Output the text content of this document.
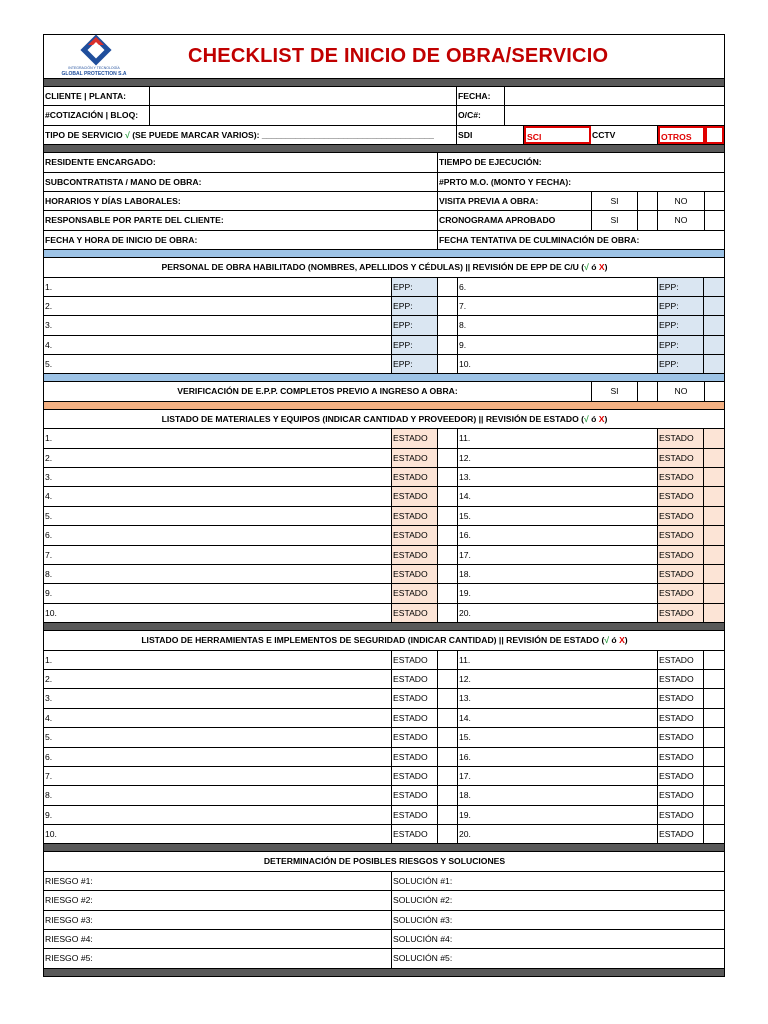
INTEGRACIÓN Y TECNOLOGÍA
GLOBAL PROTECTION S.A
CHECKLIST DE INICIO DE OBRA/SERVICIO
CLIENTE | PLANTA:	FECHA:
#COTIZACIÓN | BLOQ:	O/C#:
TIPO DE SERVICIO √ (SE PUEDE MARCAR VARIOS): ____________________________________	SDI	SCI	CCTV	OTROS
RESIDENTE ENCARGADO:	TIEMPO DE EJECUCIÓN:
SUBCONTRATISTA / MANO DE OBRA:	#PRTO M.O. (MONTO Y FECHA):
HORARIOS Y DÍAS LABORALES:	VISITA PREVIA A OBRA:	SI	NO
RESPONSABLE POR PARTE DEL CLIENTE:	CRONOGRAMA APROBADO	SI	NO
FECHA Y HORA DE INICIO DE OBRA:	FECHA TENTATIVA DE CULMINACIÓN DE OBRA:
PERSONAL DE OBRA HABILITADO (NOMBRES, APELLIDOS Y CÉDULAS) || REVISIÓN DE EPP DE C/U (√ ó X)
1.	EPP:	6.	EPP:
2.	EPP:	7.	EPP:
3.	EPP:	8.	EPP:
4.	EPP:	9.	EPP:
5.	EPP:	10.	EPP:
VERIFICACIÓN DE E.P.P. COMPLETOS PREVIO A INGRESO A OBRA:	SI	NO
LISTADO DE MATERIALES Y EQUIPOS (INDICAR CANTIDAD Y PROVEEDOR) || REVISIÓN DE ESTADO (√ ó X)
1.	ESTADO	11.	ESTADO
2.	ESTADO	12.	ESTADO
3.	ESTADO	13.	ESTADO
4.	ESTADO	14.	ESTADO
5.	ESTADO	15.	ESTADO
6.	ESTADO	16.	ESTADO
7.	ESTADO	17.	ESTADO
8.	ESTADO	18.	ESTADO
9.	ESTADO	19.	ESTADO
10.	ESTADO	20.	ESTADO
LISTADO DE HERRAMIENTAS E IMPLEMENTOS DE SEGURIDAD (INDICAR CANTIDAD) || REVISIÓN DE ESTADO (√ ó X)
1.	ESTADO	11.	ESTADO
2.	ESTADO	12.	ESTADO
3.	ESTADO	13.	ESTADO
4.	ESTADO	14.	ESTADO
5.	ESTADO	15.	ESTADO
6.	ESTADO	16.	ESTADO
7.	ESTADO	17.	ESTADO
8.	ESTADO	18.	ESTADO
9.	ESTADO	19.	ESTADO
10.	ESTADO	20.	ESTADO
DETERMINACIÓN DE POSIBLES RIESGOS Y SOLUCIONES
RIESGO #1:	SOLUCIÓN #1:
RIESGO #2:	SOLUCIÓN #2:
RIESGO #3:	SOLUCIÓN #3:
RIESGO #4:	SOLUCIÓN #4:
RIESGO #5:	SOLUCIÓN #5:
